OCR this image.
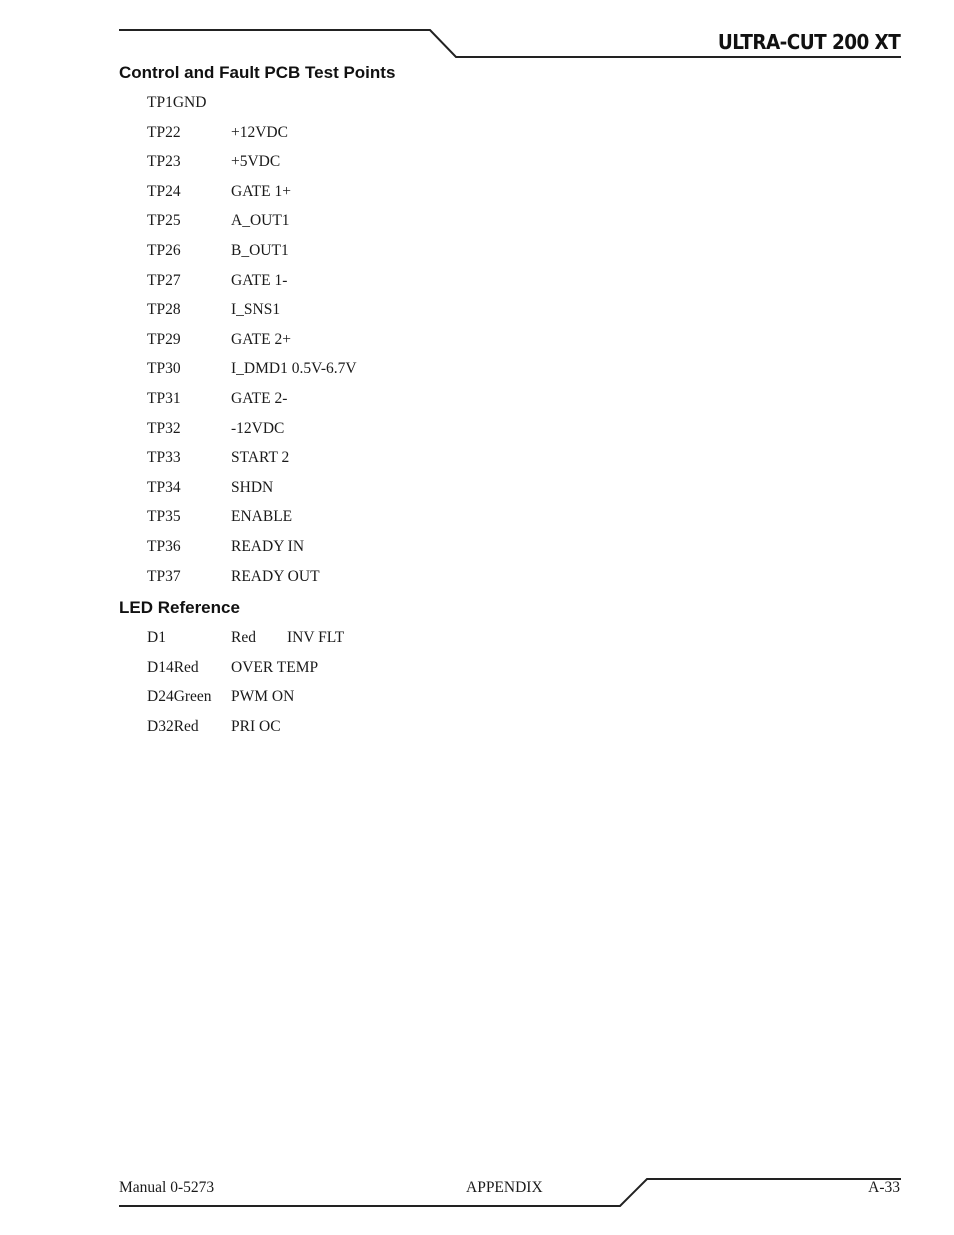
ULTRA-CUT 200 XT
Control and Fault PCB Test Points
TP1GND
TP22	+12VDC
TP23	+5VDC
TP24	GATE 1+
TP25	A_OUT1
TP26	B_OUT1
TP27	GATE 1-
TP28	I_SNS1
TP29	GATE 2+
TP30	I_DMD1 0.5V-6.7V
TP31	GATE 2-
TP32	-12VDC
TP33	START 2
TP34	SHDN
TP35	ENABLE
TP36	READY IN
TP37	READY OUT
LED Reference
D1	Red INV FLT
D14Red OVER TEMP
D24Green PWM ON
D32Red PRI OC
Manual 0-5273	APPENDIX	A-33
